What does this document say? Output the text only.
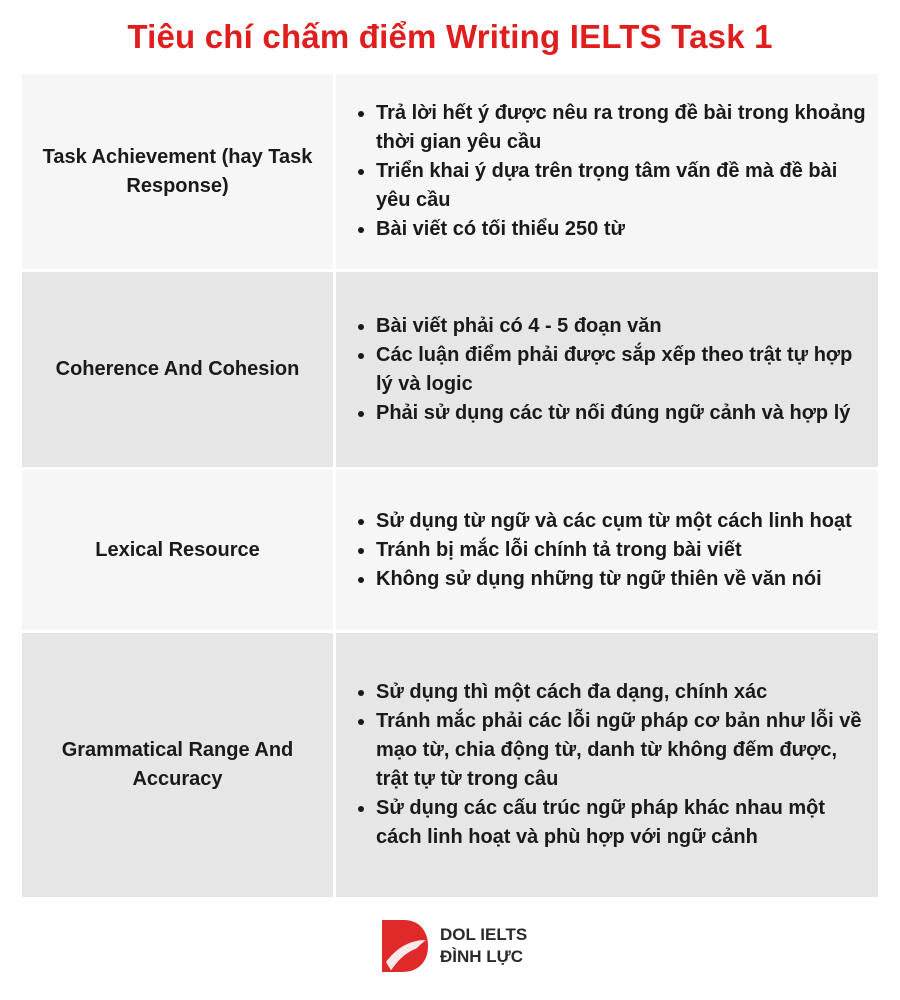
Tiêu chí chấm điểm Writing IELTS Task 1
Task Achievement (hay Task Response)
• Trả lời hết ý được nêu ra trong đề bài trong khoảng thời gian yêu cầu
• Triển khai ý dựa trên trọng tâm vấn đề mà đề bài yêu cầu
• Bài viết có tối thiểu 250 từ
Coherence And Cohesion
• Bài viết phải có 4 - 5 đoạn văn
• Các luận điểm phải được sắp xếp theo trật tự hợp lý và logic
• Phải sử dụng các từ nối đúng ngữ cảnh và hợp lý
Lexical Resource
• Sử dụng từ ngữ và các cụm từ một cách linh hoạt
• Tránh bị mắc lỗi chính tả trong bài viết
• Không sử dụng những từ ngữ thiên về văn nói
Grammatical Range And Accuracy
• Sử dụng thì một cách đa dạng, chính xác
• Tránh mắc phải các lỗi ngữ pháp cơ bản như lỗi về mạo từ, chia động từ, danh từ không đếm được, trật tự từ trong câu
• Sử dụng các cấu trúc ngữ pháp khác nhau một cách linh hoạt và phù hợp với ngữ cảnh
DOL IELTS
ĐÌNH LỰC
